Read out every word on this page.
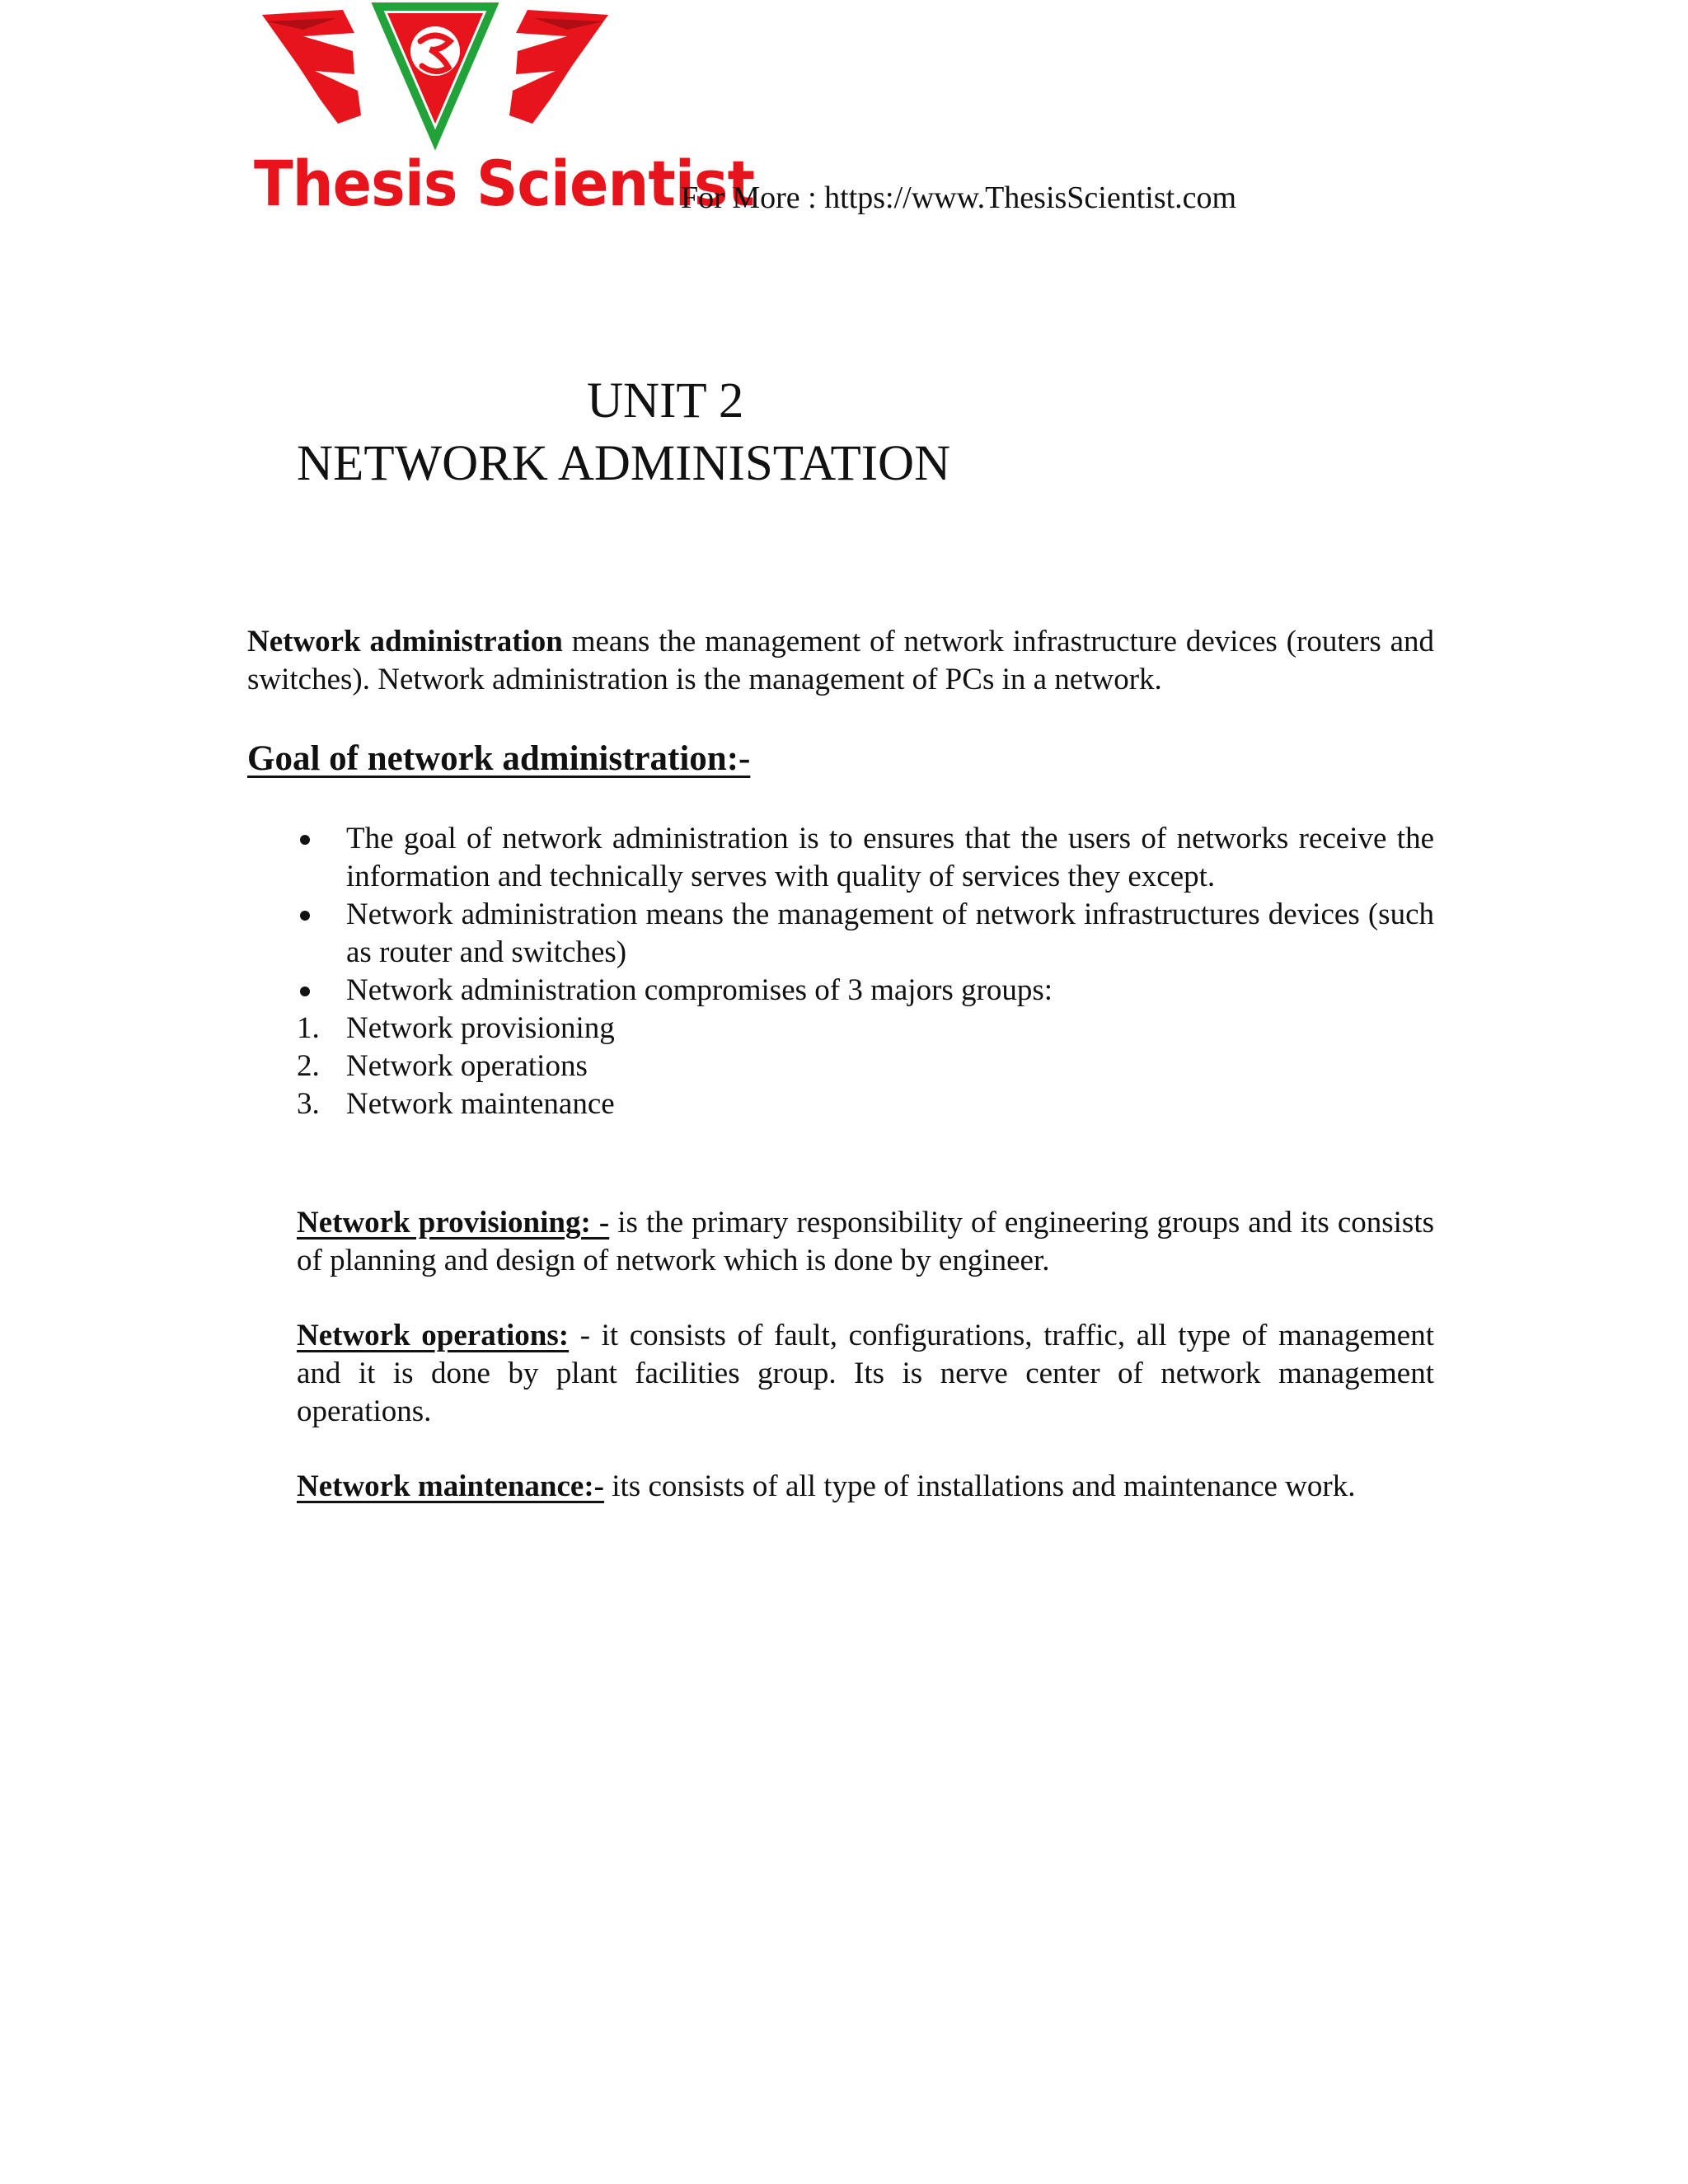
Thesis Scientist
For More : https://www.ThesisScientist.com
UNIT 2
NETWORK ADMINISTATION
Network administration means the management of network infrastructure devices (routers and switches). Network administration is the management of PCs in a network.
Goal of network administration:-
The goal of network administration is to ensures that the users of networks receive the information and technically serves with quality of services they except.
Network administration means the management of network infrastructures devices (such as router and switches)
Network administration compromises of 3 majors groups:
1. Network provisioning
2. Network operations
3. Network maintenance
Network provisioning: - is the primary responsibility of engineering groups and its consists of planning and design of network which is done by engineer.
Network operations: - it consists of fault, configurations, traffic, all type of management and it is done by plant facilities group. Its is nerve center of network management operations.
Network maintenance:- its consists of all type of installations and maintenance work.
